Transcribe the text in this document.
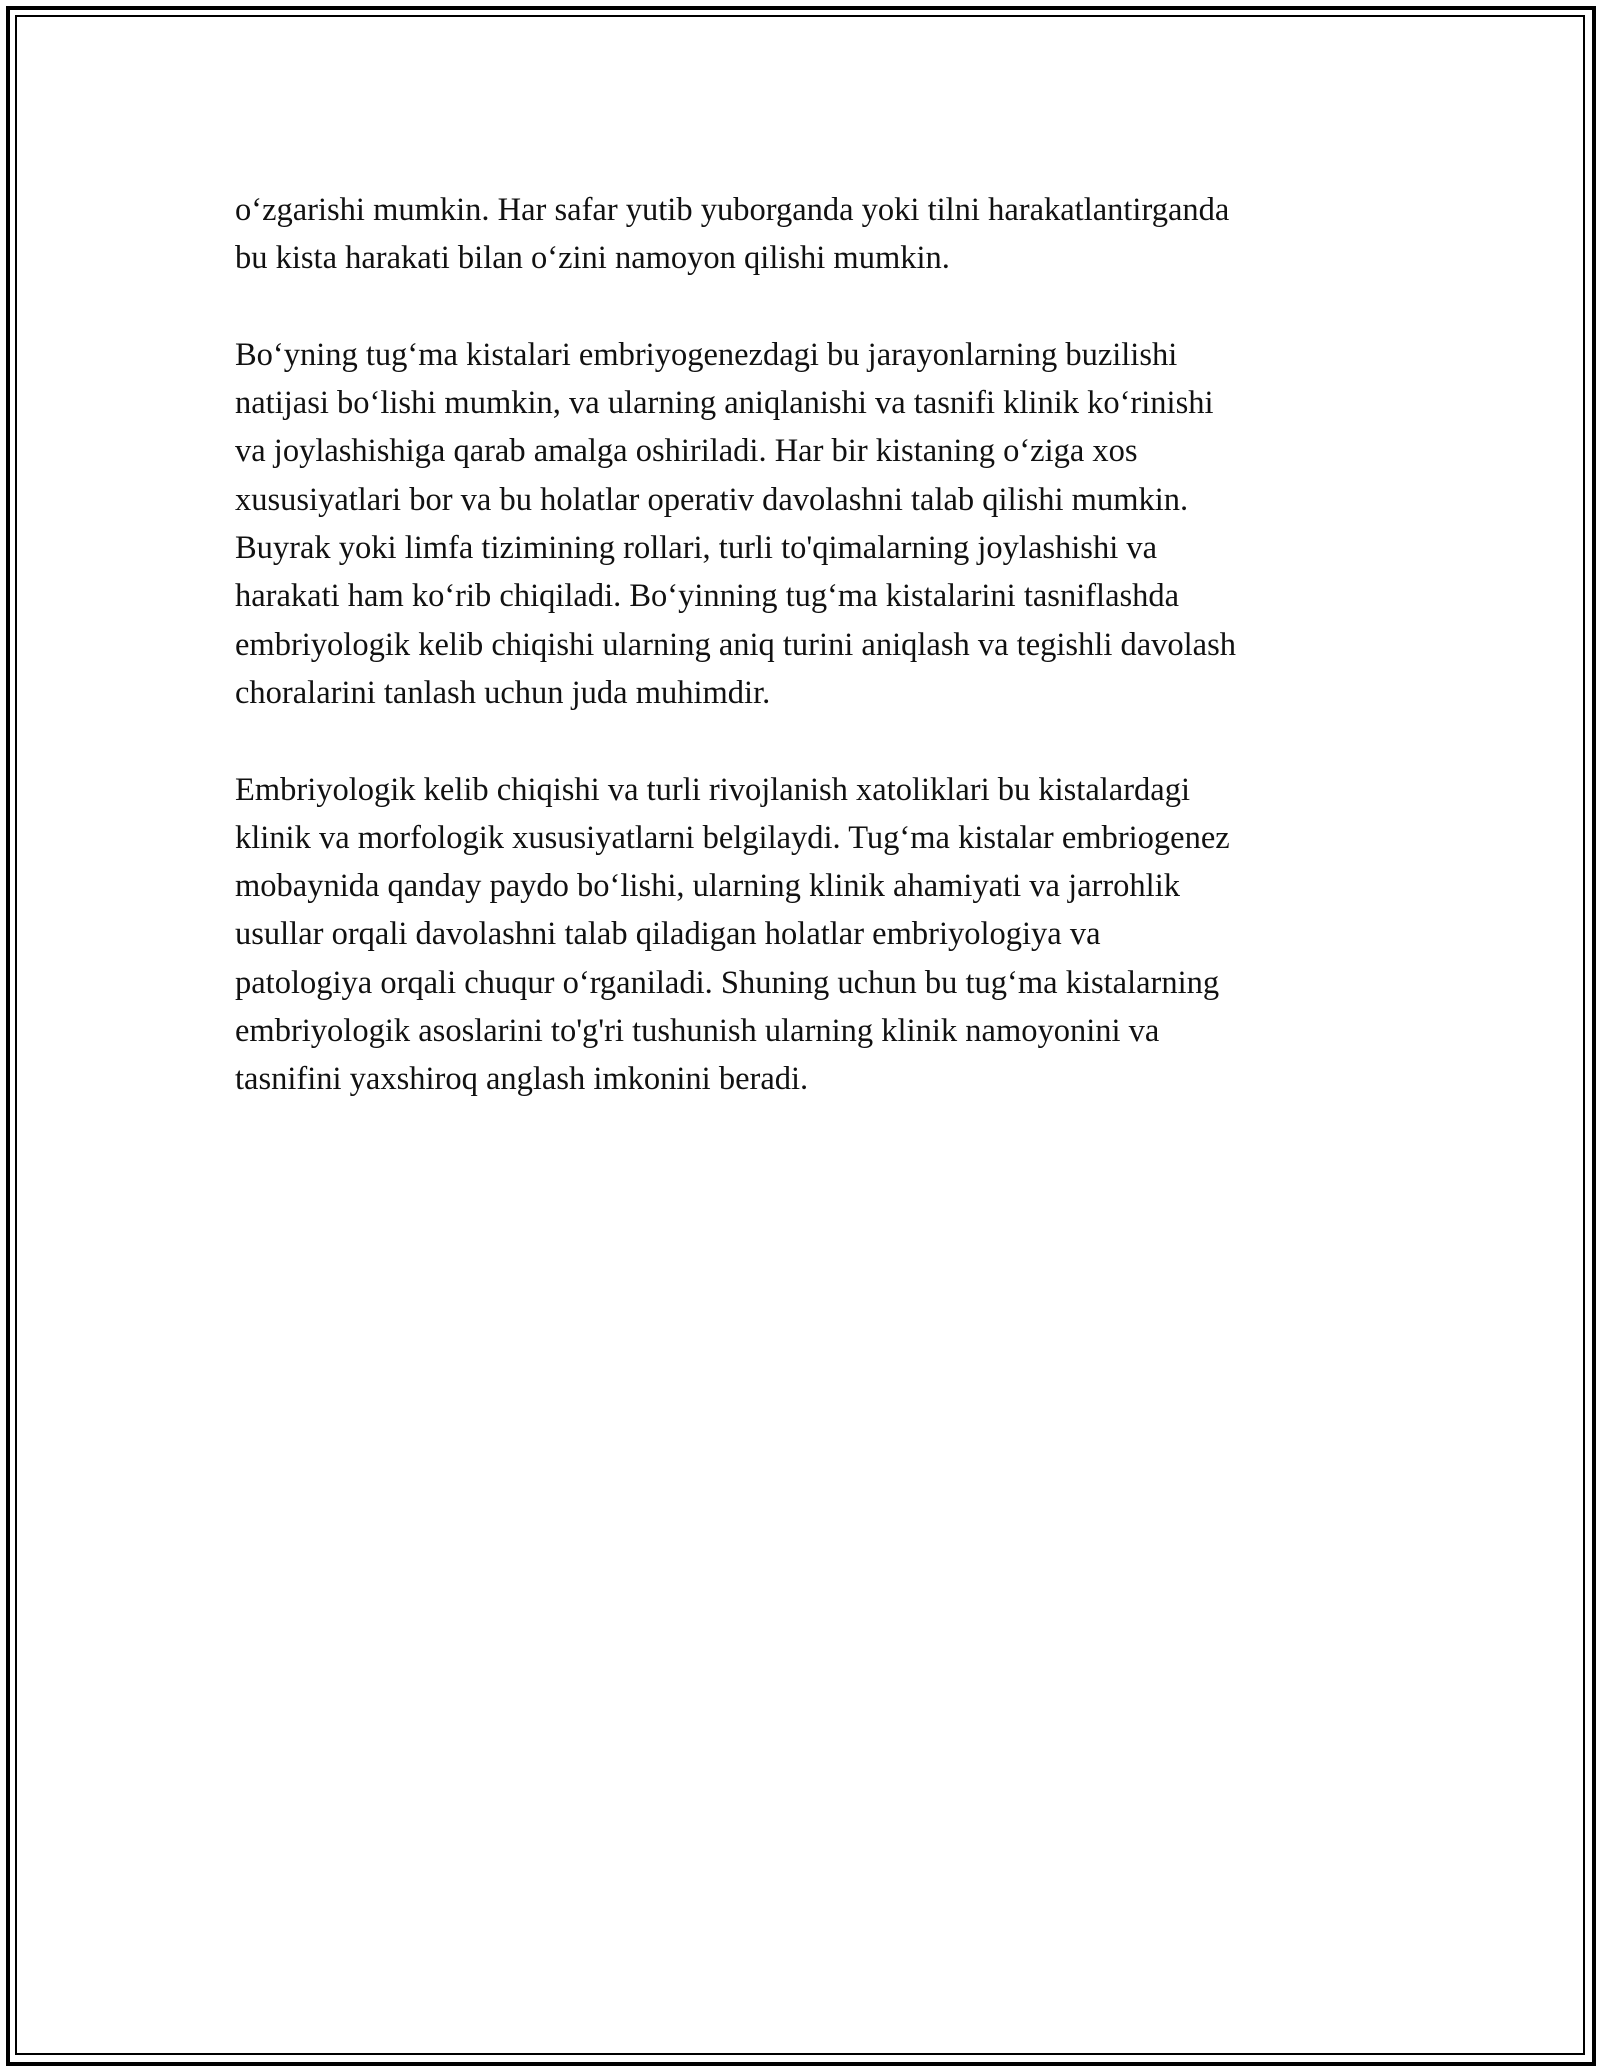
o‘zgarishi mumkin. Har safar yutib yuborganda yoki tilni harakatlantirganda
bu kista harakati bilan o‘zini namoyon qilishi mumkin.

Bo‘yning tug‘ma kistalari embriyogenezdagi bu jarayonlarning buzilishi
natijasi bo‘lishi mumkin, va ularning aniqlanishi va tasnifi klinik ko‘rinishi
va joylashishiga qarab amalga oshiriladi. Har bir kistaning o‘ziga xos
xususiyatlari bor va bu holatlar operativ davolashni talab qilishi mumkin.
Buyrak yoki limfa tizimining rollari, turli to'qimalarning joylashishi va
harakati ham ko‘rib chiqiladi. Bo‘yinning tug‘ma kistalarini tasniflashda
embriyologik kelib chiqishi ularning aniq turini aniqlash va tegishli davolash
choralarini tanlash uchun juda muhimdir.

Embriyologik kelib chiqishi va turli rivojlanish xatoliklari bu kistalardagi
klinik va morfologik xususiyatlarni belgilaydi. Tug‘ma kistalar embriogenez
mobaynida qanday paydo bo‘lishi, ularning klinik ahamiyati va jarrohlik
usullar orqali davolashni talab qiladigan holatlar embriyologiya va
patologiya orqali chuqur o‘rganiladi. Shuning uchun bu tug‘ma kistalarning
embriyologik asoslarini to'g'ri tushunish ularning klinik namoyonini va
tasnifini yaxshiroq anglash imkonini beradi.
